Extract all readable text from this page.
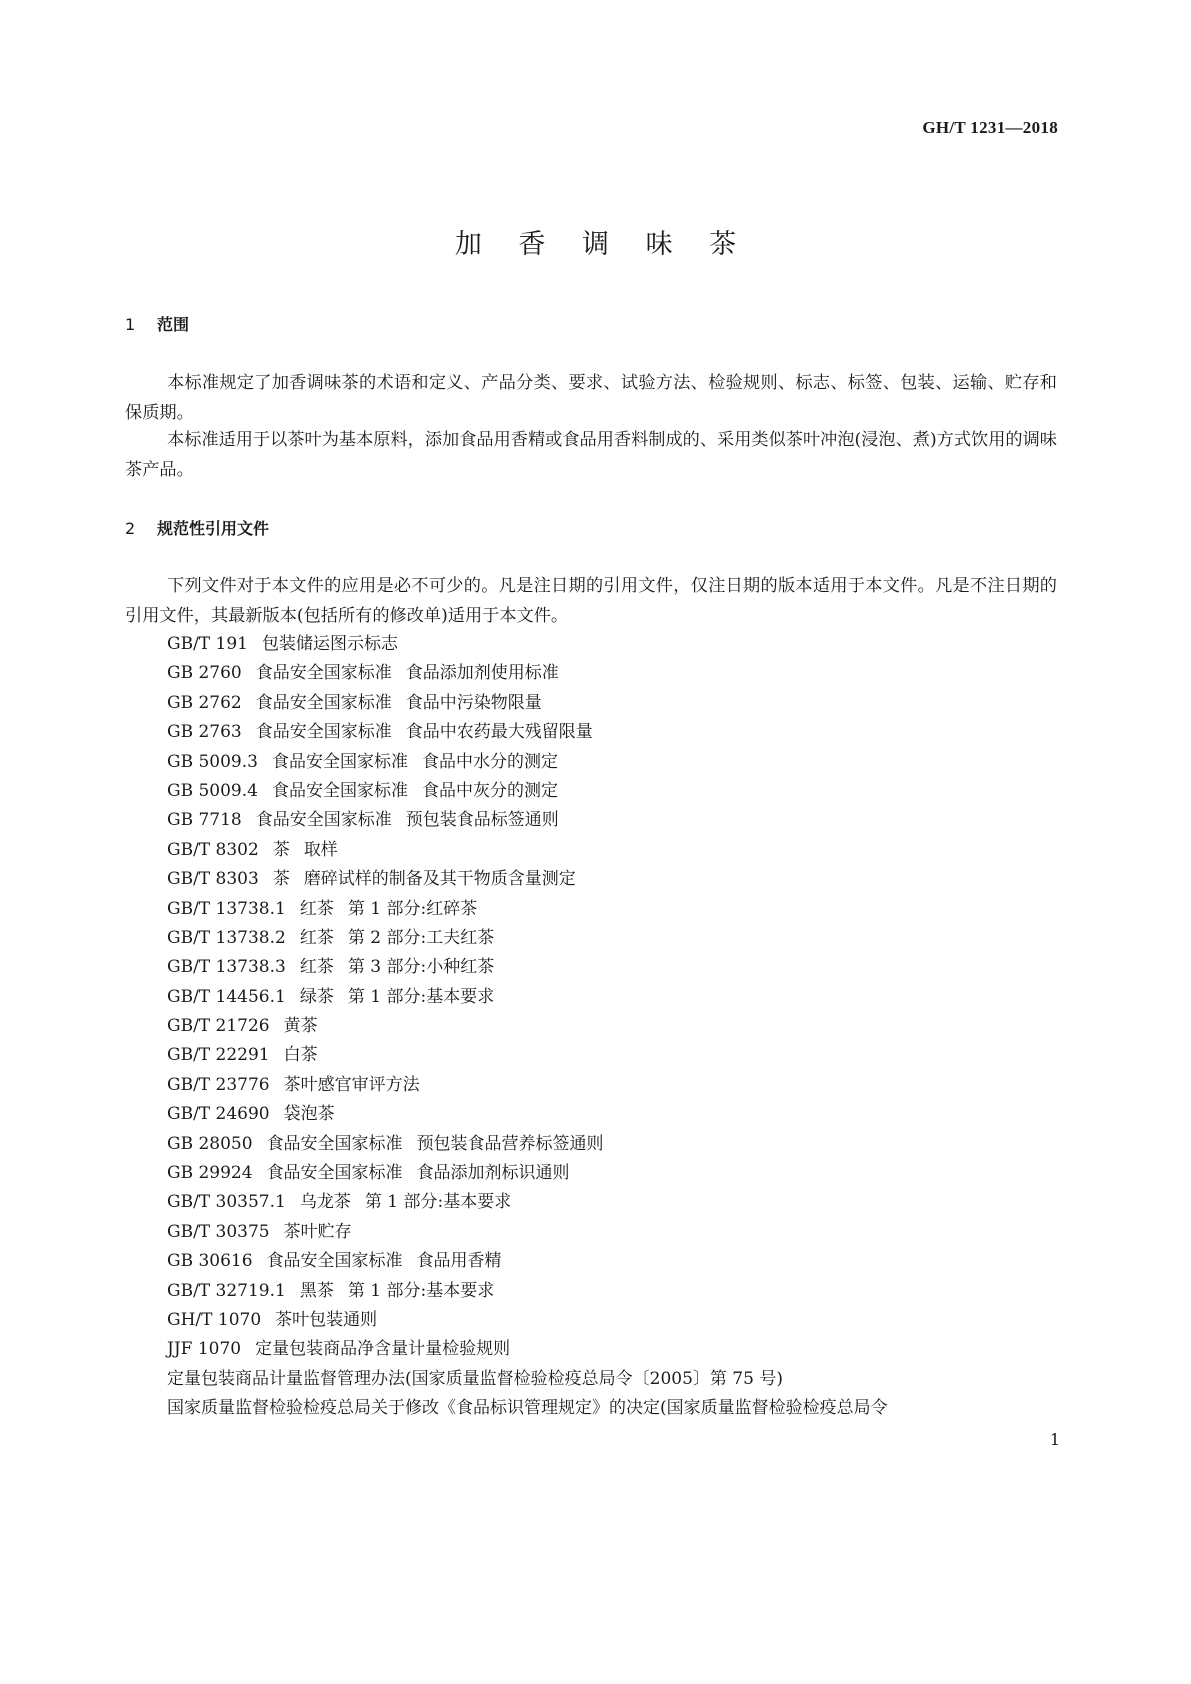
GH/T 1231—2018
加 香 调 味 茶
1 范围

本标准规定了加香调味茶的术语和定义、产品分类、要求、试验方法、检验规则、标志、标签、包装、运输、贮存和保质期。

本标准适用于以茶叶为基本原料，添加食品用香精或食品用香料制成的、采用类似茶叶冲泡(浸泡、煮)方式饮用的调味茶产品。

2 规范性引用文件

下列文件对于本文件的应用是必不可少的。凡是注日期的引用文件，仅注日期的版本适用于本文件。凡是不注日期的引用文件，其最新版本(包括所有的修改单)适用于本文件。

GB/T 191 包装储运图示标志
GB 2760 食品安全国家标准 食品添加剂使用标准
GB 2762 食品安全国家标准 食品中污染物限量
GB 2763 食品安全国家标准 食品中农药最大残留限量
GB 5009.3 食品安全国家标准 食品中水分的测定
GB 5009.4 食品安全国家标准 食品中灰分的测定
GB 7718 食品安全国家标准 预包装食品标签通则
GB/T 8302 茶 取样
GB/T 8303 茶 磨碎试样的制备及其干物质含量测定
GB/T 13738.1 红茶 第 1 部分:红碎茶
GB/T 13738.2 红茶 第 2 部分:工夫红茶
GB/T 13738.3 红茶 第 3 部分:小种红茶
GB/T 14456.1 绿茶 第 1 部分:基本要求
GB/T 21726 黄茶
GB/T 22291 白茶
GB/T 23776 茶叶感官审评方法
GB/T 24690 袋泡茶
GB 28050 食品安全国家标准 预包装食品营养标签通则
GB 29924 食品安全国家标准 食品添加剂标识通则
GB/T 30357.1 乌龙茶 第 1 部分:基本要求
GB/T 30375 茶叶贮存
GB 30616 食品安全国家标准 食品用香精
GB/T 32719.1 黑茶 第 1 部分:基本要求
GH/T 1070 茶叶包装通则
JJF 1070 定量包装商品净含量计量检验规则
定量包装商品计量监督管理办法(国家质量监督检验检疫总局令〔2005〕第 75 号)
国家质量监督检验检疫总局关于修改《食品标识管理规定》的决定(国家质量监督检验检疫总局令
1
